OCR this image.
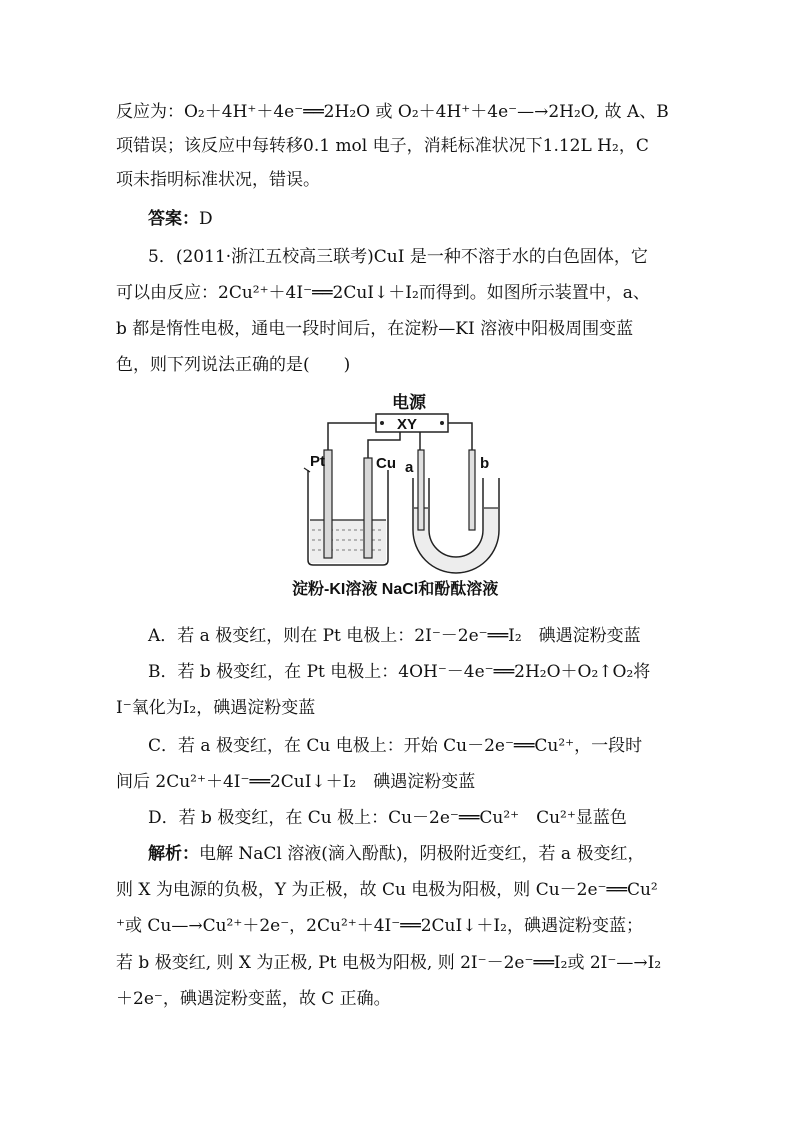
反应为：O₂＋4H⁺＋4e⁻══2H₂O 或 O₂＋4H⁺＋4e⁻—→2H₂O, 故 A、B
项错误；该反应中每转移0.1 mol 电子，消耗标准状况下1.12L H₂，C
项未指明标准状况，错误。
答案：D
5．(2011·浙江五校高三联考)CuI 是一种不溶于水的白色固体，它
可以由反应：2Cu²⁺＋4I⁻══2CuI↓＋I₂而得到。如图所示装置中，a、
b 都是惰性电极，通电一段时间后，在淀粉—KI 溶液中阳极周围变蓝
色，则下列说法正确的是(　　)
电源
XY
Pt	Cu a	b
淀粉-KI溶液 NaCl和酚酞溶液
A．若 a 极变红，则在 Pt 电极上：2I⁻－2e⁻══I₂　碘遇淀粉变蓝
B．若 b 极变红，在 Pt 电极上：4OH⁻－4e⁻══2H₂O＋O₂↑O₂将
I⁻氧化为I₂，碘遇淀粉变蓝
C．若 a 极变红，在 Cu 电极上：开始 Cu－2e⁻══Cu²⁺，一段时
间后 2Cu²⁺＋4I⁻══2CuI↓＋I₂　碘遇淀粉变蓝
D．若 b 极变红，在 Cu 极上：Cu－2e⁻══Cu²⁺　Cu²⁺显蓝色
解析：电解 NaCl 溶液(滴入酚酞)，阴极附近变红，若 a 极变红，
则 X 为电源的负极，Y 为正极，故 Cu 电极为阳极，则 Cu－2e⁻══Cu²
⁺或 Cu—→Cu²⁺＋2e⁻，2Cu²⁺＋4I⁻══2CuI↓＋I₂，碘遇淀粉变蓝；
若 b 极变红, 则 X 为正极, Pt 电极为阳极, 则 2I⁻－2e⁻══I₂或 2I⁻—→I₂
＋2e⁻，碘遇淀粉变蓝，故 C 正确。
